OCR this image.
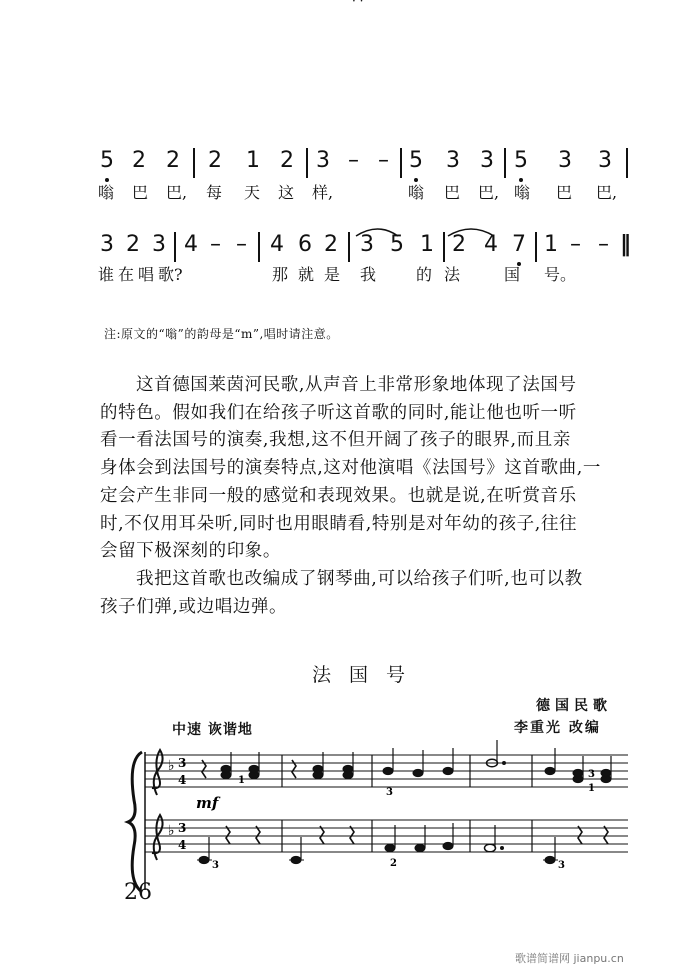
· ·
5 2 2 2 1 2 3 – – 5 3 3 5 3 3
嗡 巴 巴, 每 天 这 样,	嗡 巴 巴, 嗡 巴 巴,
3 2 3 4 – – 4 6 2 3 5 1 2 4 7 1 – – ‖
谁 在 唱 歌?	那 就 是 我 的 法	国 号。
注:原文的“嗡”的韵母是“m”,唱时请注意。
这首德国莱茵河民歌,从声音上非常形象地体现了法国号
的特色。假如我们在给孩子听这首歌的同时,能让他也听一听
看一看法国号的演奏,我想,这不但开阔了孩子的眼界,而且亲
身体会到法国号的演奏特点,这对他演唱《法国号》这首歌曲,一
定会产生非同一般的感觉和表现效果。也就是说,在听赏音乐
时,不仅用耳朵听,同时也用眼睛看,特别是对年幼的孩子,往往
会留下极深刻的印象。
我把这首歌也改编成了钢琴曲,可以给孩子们听,也可以教
孩子们弹,或边唱边弹。
法国号
德国民歌
李重光 改编
中速 诙谐地
♭
♭
3
4
3
4
1
3
3
2
3
1
3
mf
26
歌谱简谱网 jianpu.cn
